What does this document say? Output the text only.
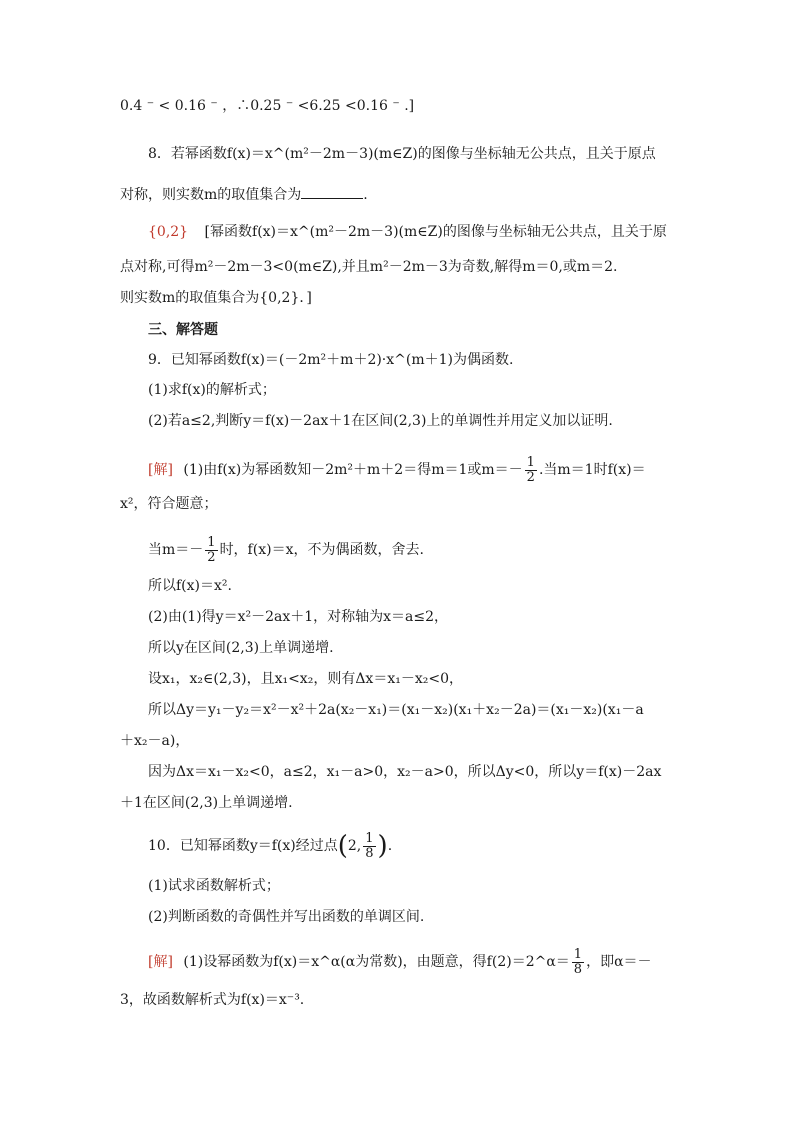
0.4 ⁻ < 0.16 ⁻ ，∴0.25 ⁻ <6.25 <0.16 ⁻ .]
8．若幂函数f(x)＝x^(m²－2m－3)(m∈Z)的图像与坐标轴无公共点，且关于原点
对称，则实数m的取值集合为	.
{0,2} [幂函数f(x)＝x^(m²－2m－3)(m∈Z)的图像与坐标轴无公共点，且关于原
点对称,可得m²－2m－3<0(m∈Z),并且m²－2m－3为奇数,解得m＝0,或m＝2.
则实数m的取值集合为{0,2}．]
三、解答题
9．已知幂函数f(x)＝(－2m²＋m＋2)·x^(m＋1)为偶函数.
(1)求f(x)的解析式；
(2)若a≤2,判断y＝f(x)－2ax＋1在区间(2,3)上的单调性并用定义加以证明.
[解] (1)由f(x)为幂函数知－2m²＋m＋2＝得m＝1或$m=- \frac{1}{2}$ .当m＝1时f(x)＝
x²，符合题意；
当$m=- \frac{1}{2}$ 时，f(x)＝x，不为偶函数，舍去.
所以f(x)＝x².
(2)由(1)得y＝x²－2ax＋1，对称轴为x＝a≤2，
所以y在区间(2,3)上单调递增.
设x₁，x₂∈(2,3)，且x₁<x₂，则有Δx＝x₁－x₂<0，
所以Δy＝y₁－y₂＝x²－x²＋2a(x₂－x₁)＝(x₁－x₂)(x₁＋x₂－2a)＝(x₁－x₂)(x₁－a
＋x₂－a)，
因为Δx＝x₁－x₂<0，a≤2，x₁－a>0，x₂－a>0，所以Δy<0，所以y＝f(x)－2ax
＋1在区间(2,3)上单调递增.
10．已知幂函数y＝f(x)经过点(2, $\frac{1}{8}$ ).
(1)试求函数解析式；
(2)判断函数的奇偶性并写出函数的单调区间.
[解] (1)设幂函数为f(x)＝x^α(α为常数)，由题意，得f(2)＝2^α＝ $\frac{1}{8}$ ，即α＝－
3，故函数解析式为f(x)＝x⁻³.
